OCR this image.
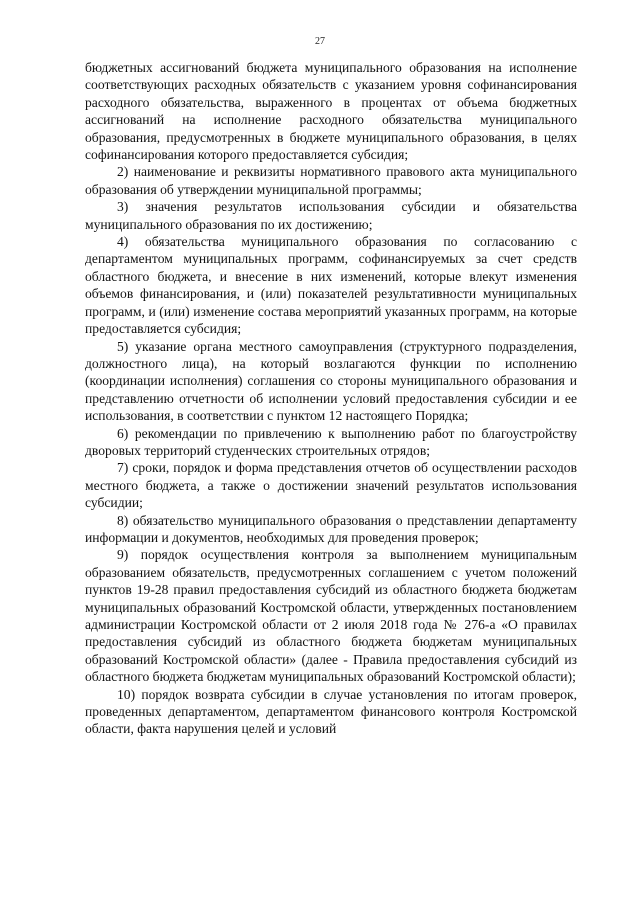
27

бюджетных ассигнований бюджета муниципального образования на исполнение соответствующих расходных обязательств с указанием уровня софинансирования расходного обязательства, выраженного в процентах от объема бюджетных ассигнований на исполнение расходного обязательства муниципального образования, предусмотренных в бюджете муниципального образования, в целях софинансирования которого предоставляется субсидия;

2) наименование и реквизиты нормативного правового акта муниципального образования об утверждении муниципальной программы;

3) значения результатов использования субсидии и обязательства муниципального образования по их достижению;

4) обязательства муниципального образования по согласованию с департаментом муниципальных программ, софинансируемых за счет средств областного бюджета, и внесение в них изменений, которые влекут изменения объемов финансирования, и (или) показателей результативности муниципальных программ, и (или) изменение состава мероприятий указанных программ, на которые предоставляется субсидия;

5) указание органа местного самоуправления (структурного подразделения, должностного лица), на который возлагаются функции по исполнению (координации исполнения) соглашения со стороны муниципального образования и представлению отчетности об исполнении условий предоставления субсидии и ее использования, в соответствии с пунктом 12 настоящего Порядка;

6) рекомендации по привлечению к выполнению работ по благоустройству дворовых территорий студенческих строительных отрядов;

7) сроки, порядок и форма представления отчетов об осуществлении расходов местного бюджета, а также о достижении значений результатов использования субсидии;

8) обязательство муниципального образования о представлении департаменту информации и документов, необходимых для проведения проверок;

9) порядок осуществления контроля за выполнением муниципальным образованием обязательств, предусмотренных соглашением с учетом положений пунктов 19-28 правил предоставления субсидий из областного бюджета бюджетам муниципальных образований Костромской области, утвержденных постановлением администрации Костромской области от 2 июля 2018 года № 276-а «О правилах предоставления субсидий из областного бюджета бюджетам муниципальных образований Костромской области» (далее - Правила предоставления субсидий из областного бюджета бюджетам муниципальных образований Костромской области);

10) порядок возврата субсидии в случае установления по итогам проверок, проведенных департаментом, департаментом финансового контроля Костромской области, факта нарушения целей и условий
